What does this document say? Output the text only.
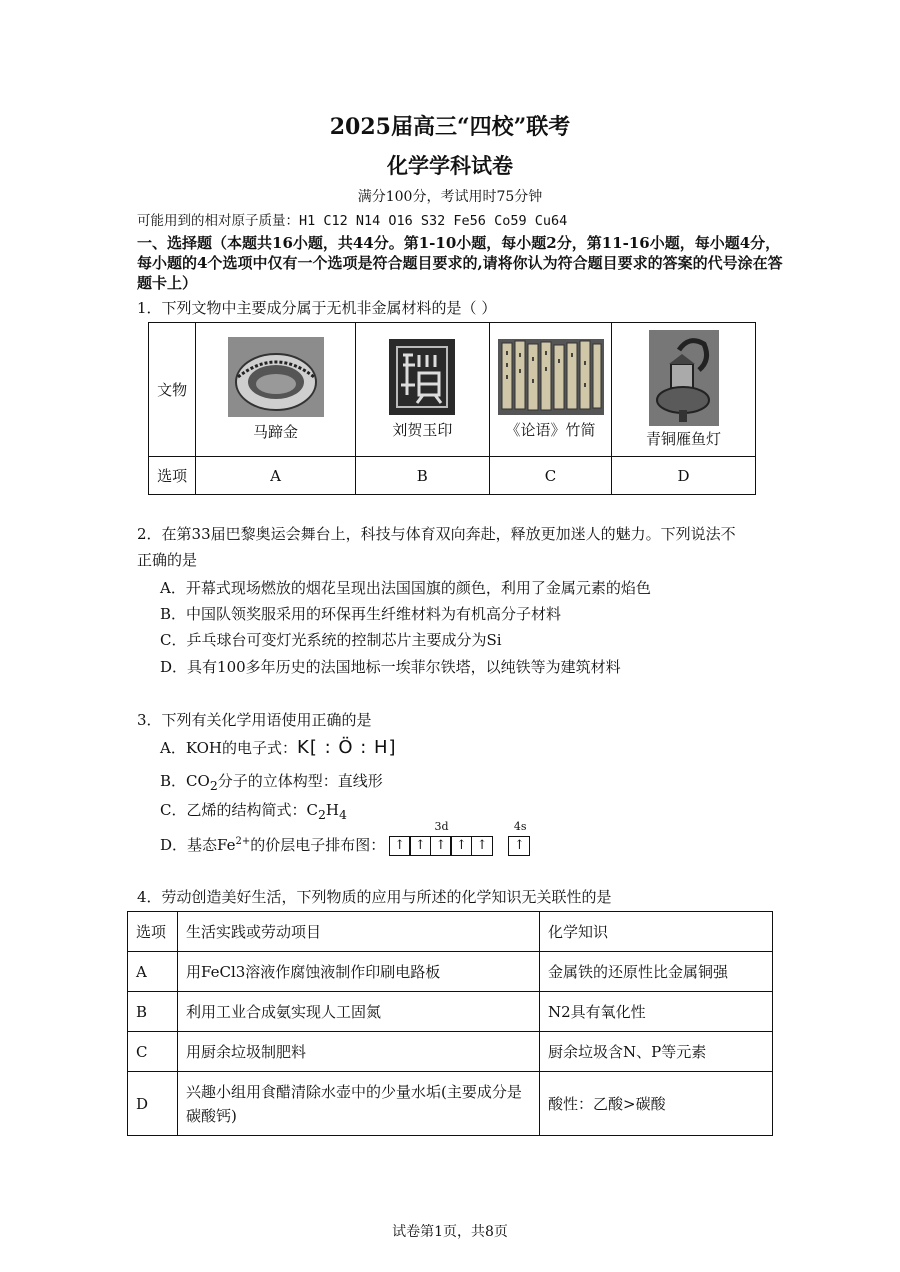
2025届高三“四校”联考
化学学科试卷
满分100分，考试用时75分钟
可能用到的相对原子质量：H1 C12 N14 O16 S32 Fe56 Co59 Cu64
一、选择题（本题共16小题，共44分。第1-10小题，每小题2分，第11-16小题，每小题4分，每小题的4个选项中仅有一个选项是符合题目要求的,请将你认为符合题目要求的答案的代号涂在答题卡上）
1．下列文物中主要成分属于无机非金属材料的是（ ）
文物	马蹄金	刘贺玉印	《论语》竹简	青铜雁鱼灯

选项	A	B	C	D
2．在第33届巴黎奥运会舞台上，科技与体育双向奔赴，释放更加迷人的魅力。下列说法不
正确的是
A．开幕式现场燃放的烟花呈现出法国国旗的颜色，利用了金属元素的焰色
B．中国队领奖服采用的环保再生纤维材料为有机高分子材料
C．乒乓球台可变灯光系统的控制芯片主要成分为Si
D．具有100多年历史的法国地标一埃菲尔铁塔，以纯铁等为建筑材料
3．下列有关化学用语使用正确的是
A．KOH的电子式：K[ : Ö : H]
B．$CO_2$分子的立体构型：直线形
C．乙烯的结构简式：$C_2H_4$
D．基态$Fe^{2+}$的价层电子排布图：
3d
↑ ↑ ↑ ↑ ↑
4s
↑
4．劳动创造美好生活，下列物质的应用与所述的化学知识无关联性的是
选项	生活实践或劳动项目	化学知识
A	用FeCl3溶液作腐蚀液制作印刷电路板	金属铁的还原性比金属铜强
B	利用工业合成氨实现人工固氮	N2具有氧化性
C	用厨余垃圾制肥料	厨余垃圾含N、P等元素
D	兴趣小组用食醋清除水壶中的少量水垢(主要成分是碳酸钙)	酸性：乙酸>碳酸
试卷第1页，共8页
